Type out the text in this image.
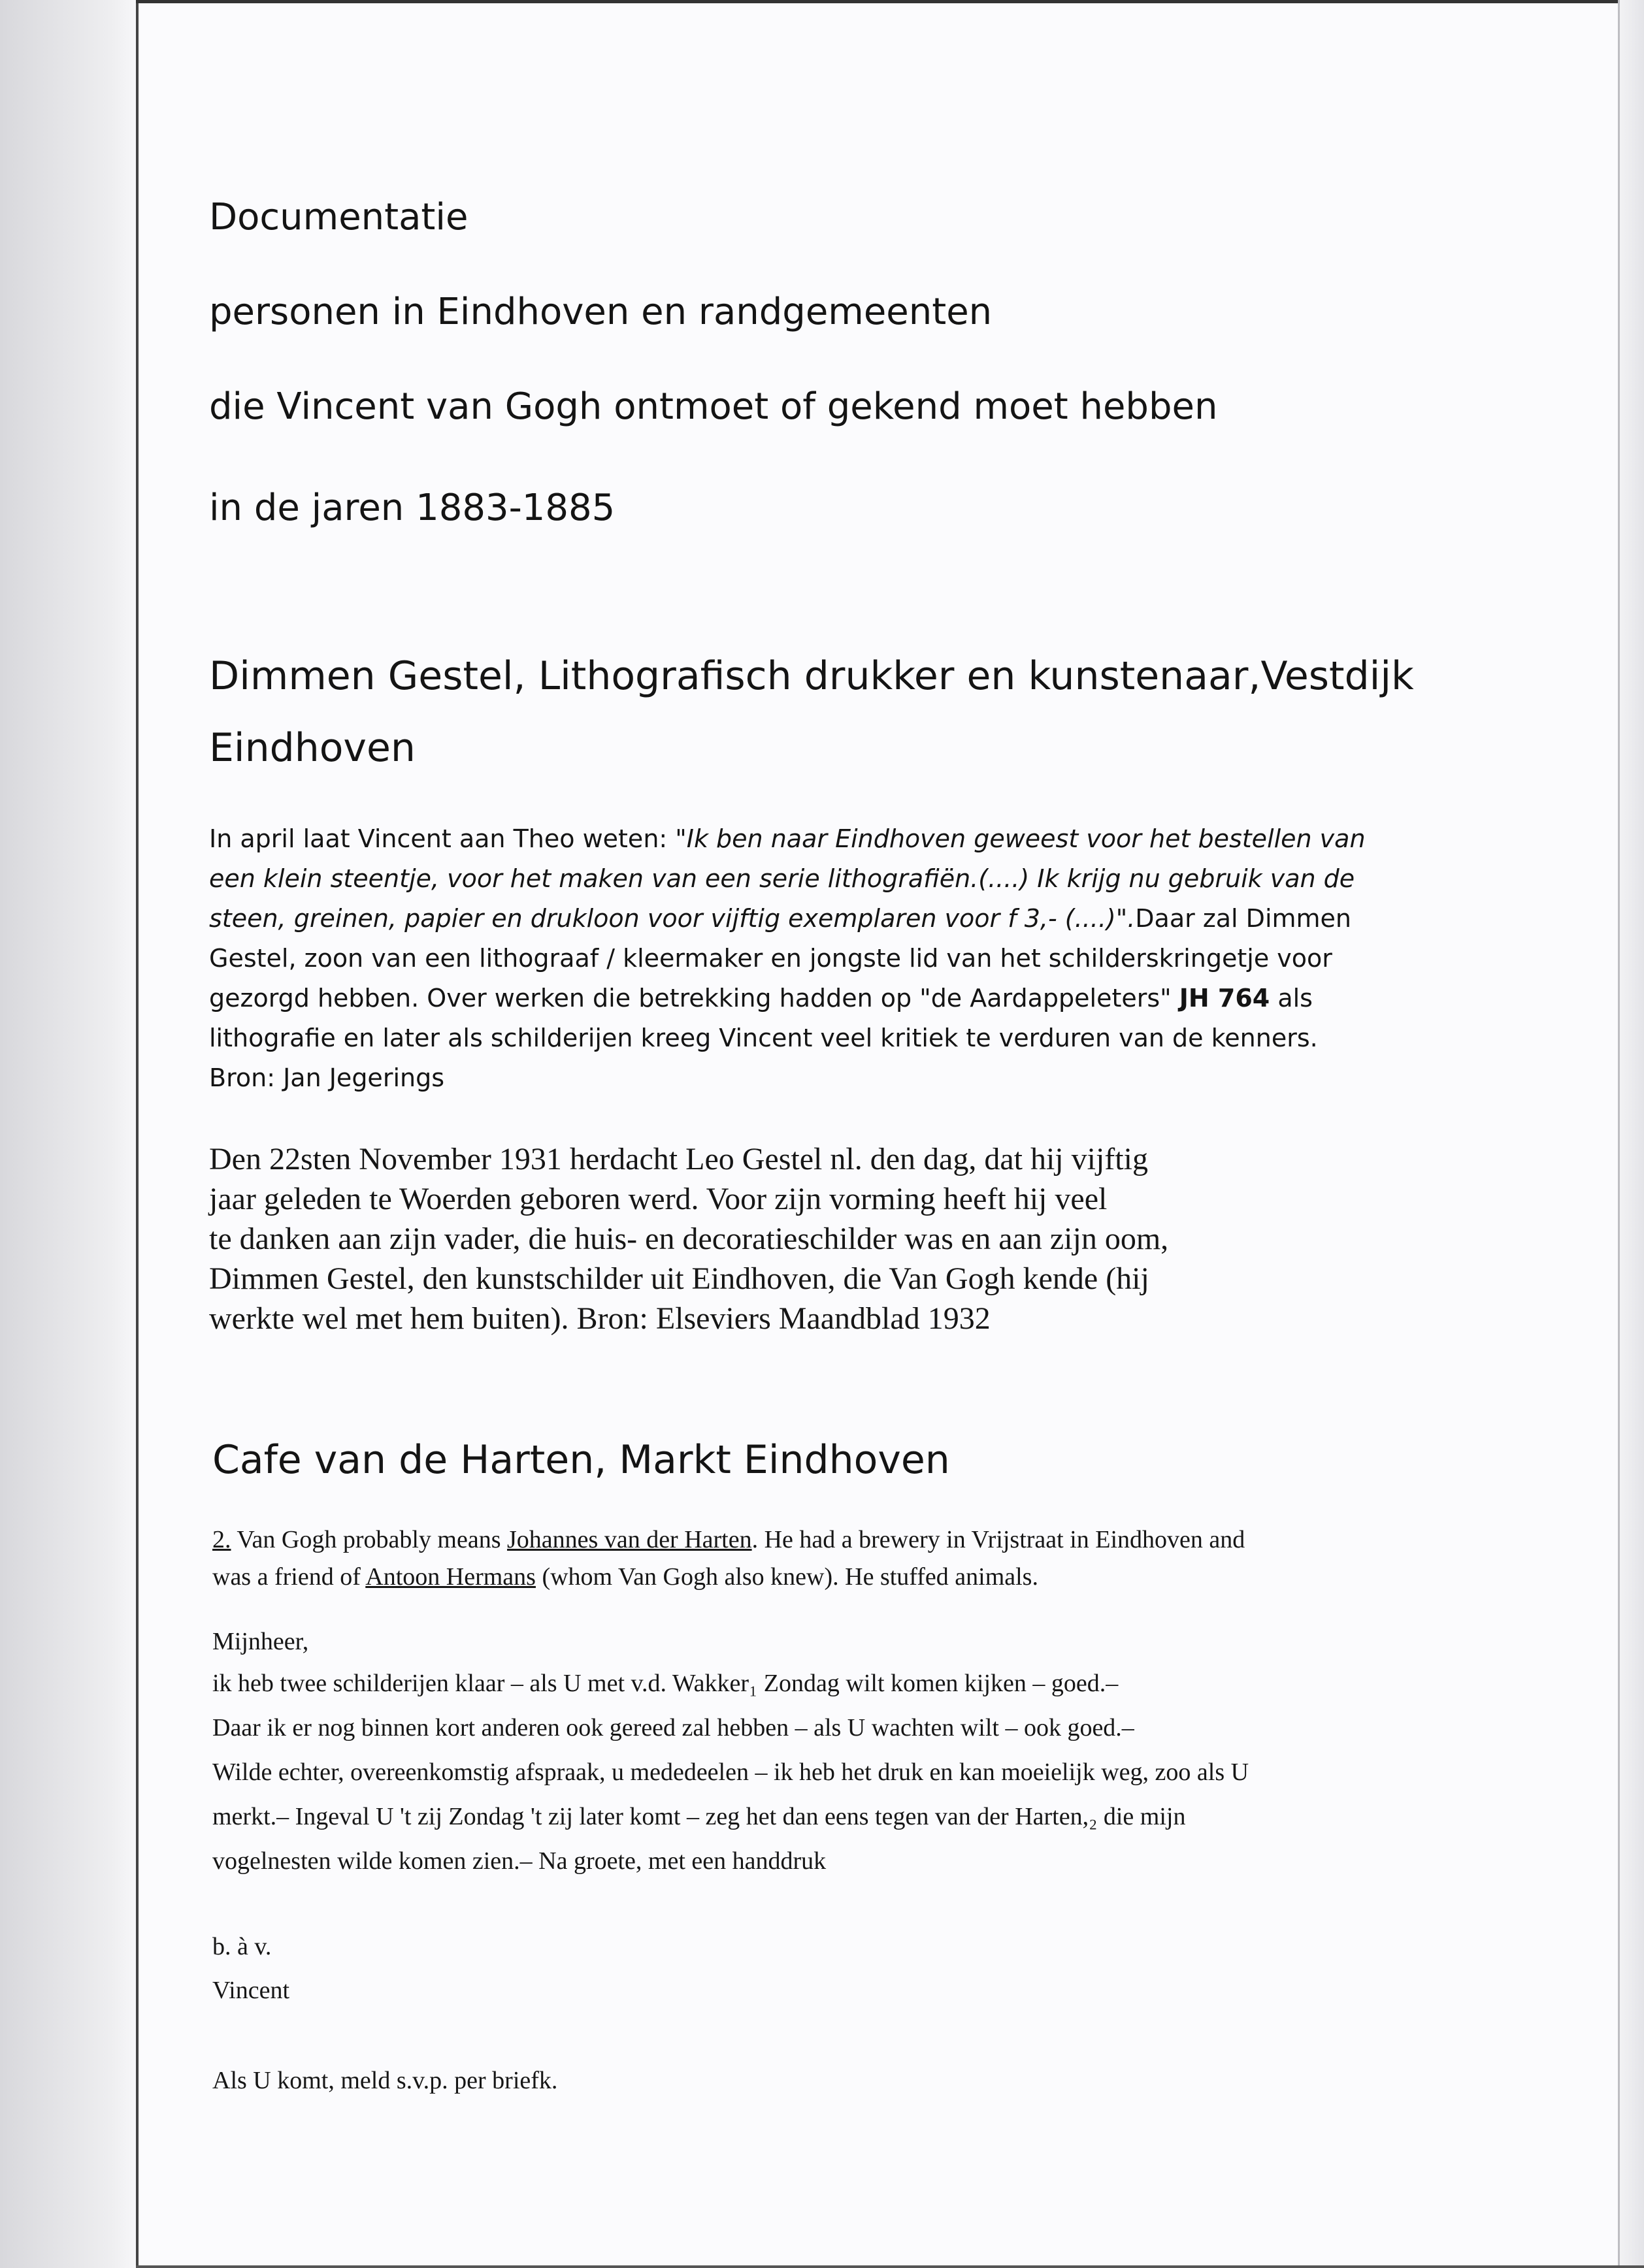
Documentatie

personen in Eindhoven en randgemeenten

die Vincent van Gogh ontmoet of gekend moet hebben

in de jaren 1883-1885

Dimmen Gestel, Lithografisch drukker en kunstenaar,Vestdijk

Eindhoven

In april laat Vincent aan Theo weten: "Ik ben naar Eindhoven geweest voor het bestellen van

een klein steentje, voor het maken van een serie lithografiën.(....) Ik krijg nu gebruik van de

steen, greinen, papier en drukloon voor vijftig exemplaren voor f 3,- (....)".Daar zal Dimmen

Gestel, zoon van een lithograaf / kleermaker en jongste lid van het schilderskringetje voor

gezorgd hebben. Over werken die betrekking hadden op "de Aardappeleters" JH 764 als

lithografie en later als schilderijen kreeg Vincent veel kritiek te verduren van de kenners.

Bron: Jan Jegerings

Den 22sten November 1931 herdacht Leo Gestel nl. den dag, dat hij vijftig

jaar geleden te Woerden geboren werd. Voor zijn vorming heeft hij veel

te danken aan zijn vader, die huis- en decoratieschilder was en aan zijn oom,

Dimmen Gestel, den kunstschilder uit Eindhoven, die Van Gogh kende (hij

werkte wel met hem buiten). Bron: Elseviers Maandblad 1932

Cafe van de Harten, Markt Eindhoven

2. Van Gogh probably means Johannes van der Harten. He had a brewery in Vrijstraat in Eindhoven and

was a friend of Antoon Hermans (whom Van Gogh also knew). He stuffed animals.

Mijnheer,

ik heb twee schilderijen klaar – als U met v.d. Wakker₁ Zondag wilt komen kijken – goed.–

Daar ik er nog binnen kort anderen ook gereed zal hebben – als U wachten wilt – ook goed.–

Wilde echter, overeenkomstig afspraak, u mededeelen – ik heb het druk en kan moeielijk weg, zoo als U

merkt.– Ingeval U 't zij Zondag 't zij later komt – zeg het dan eens tegen van der Harten,₂ die mijn

vogelnesten wilde komen zien.– Na groete, met een handdruk

b. à v.

Vincent

Als U komt, meld s.v.p. per briefk.
